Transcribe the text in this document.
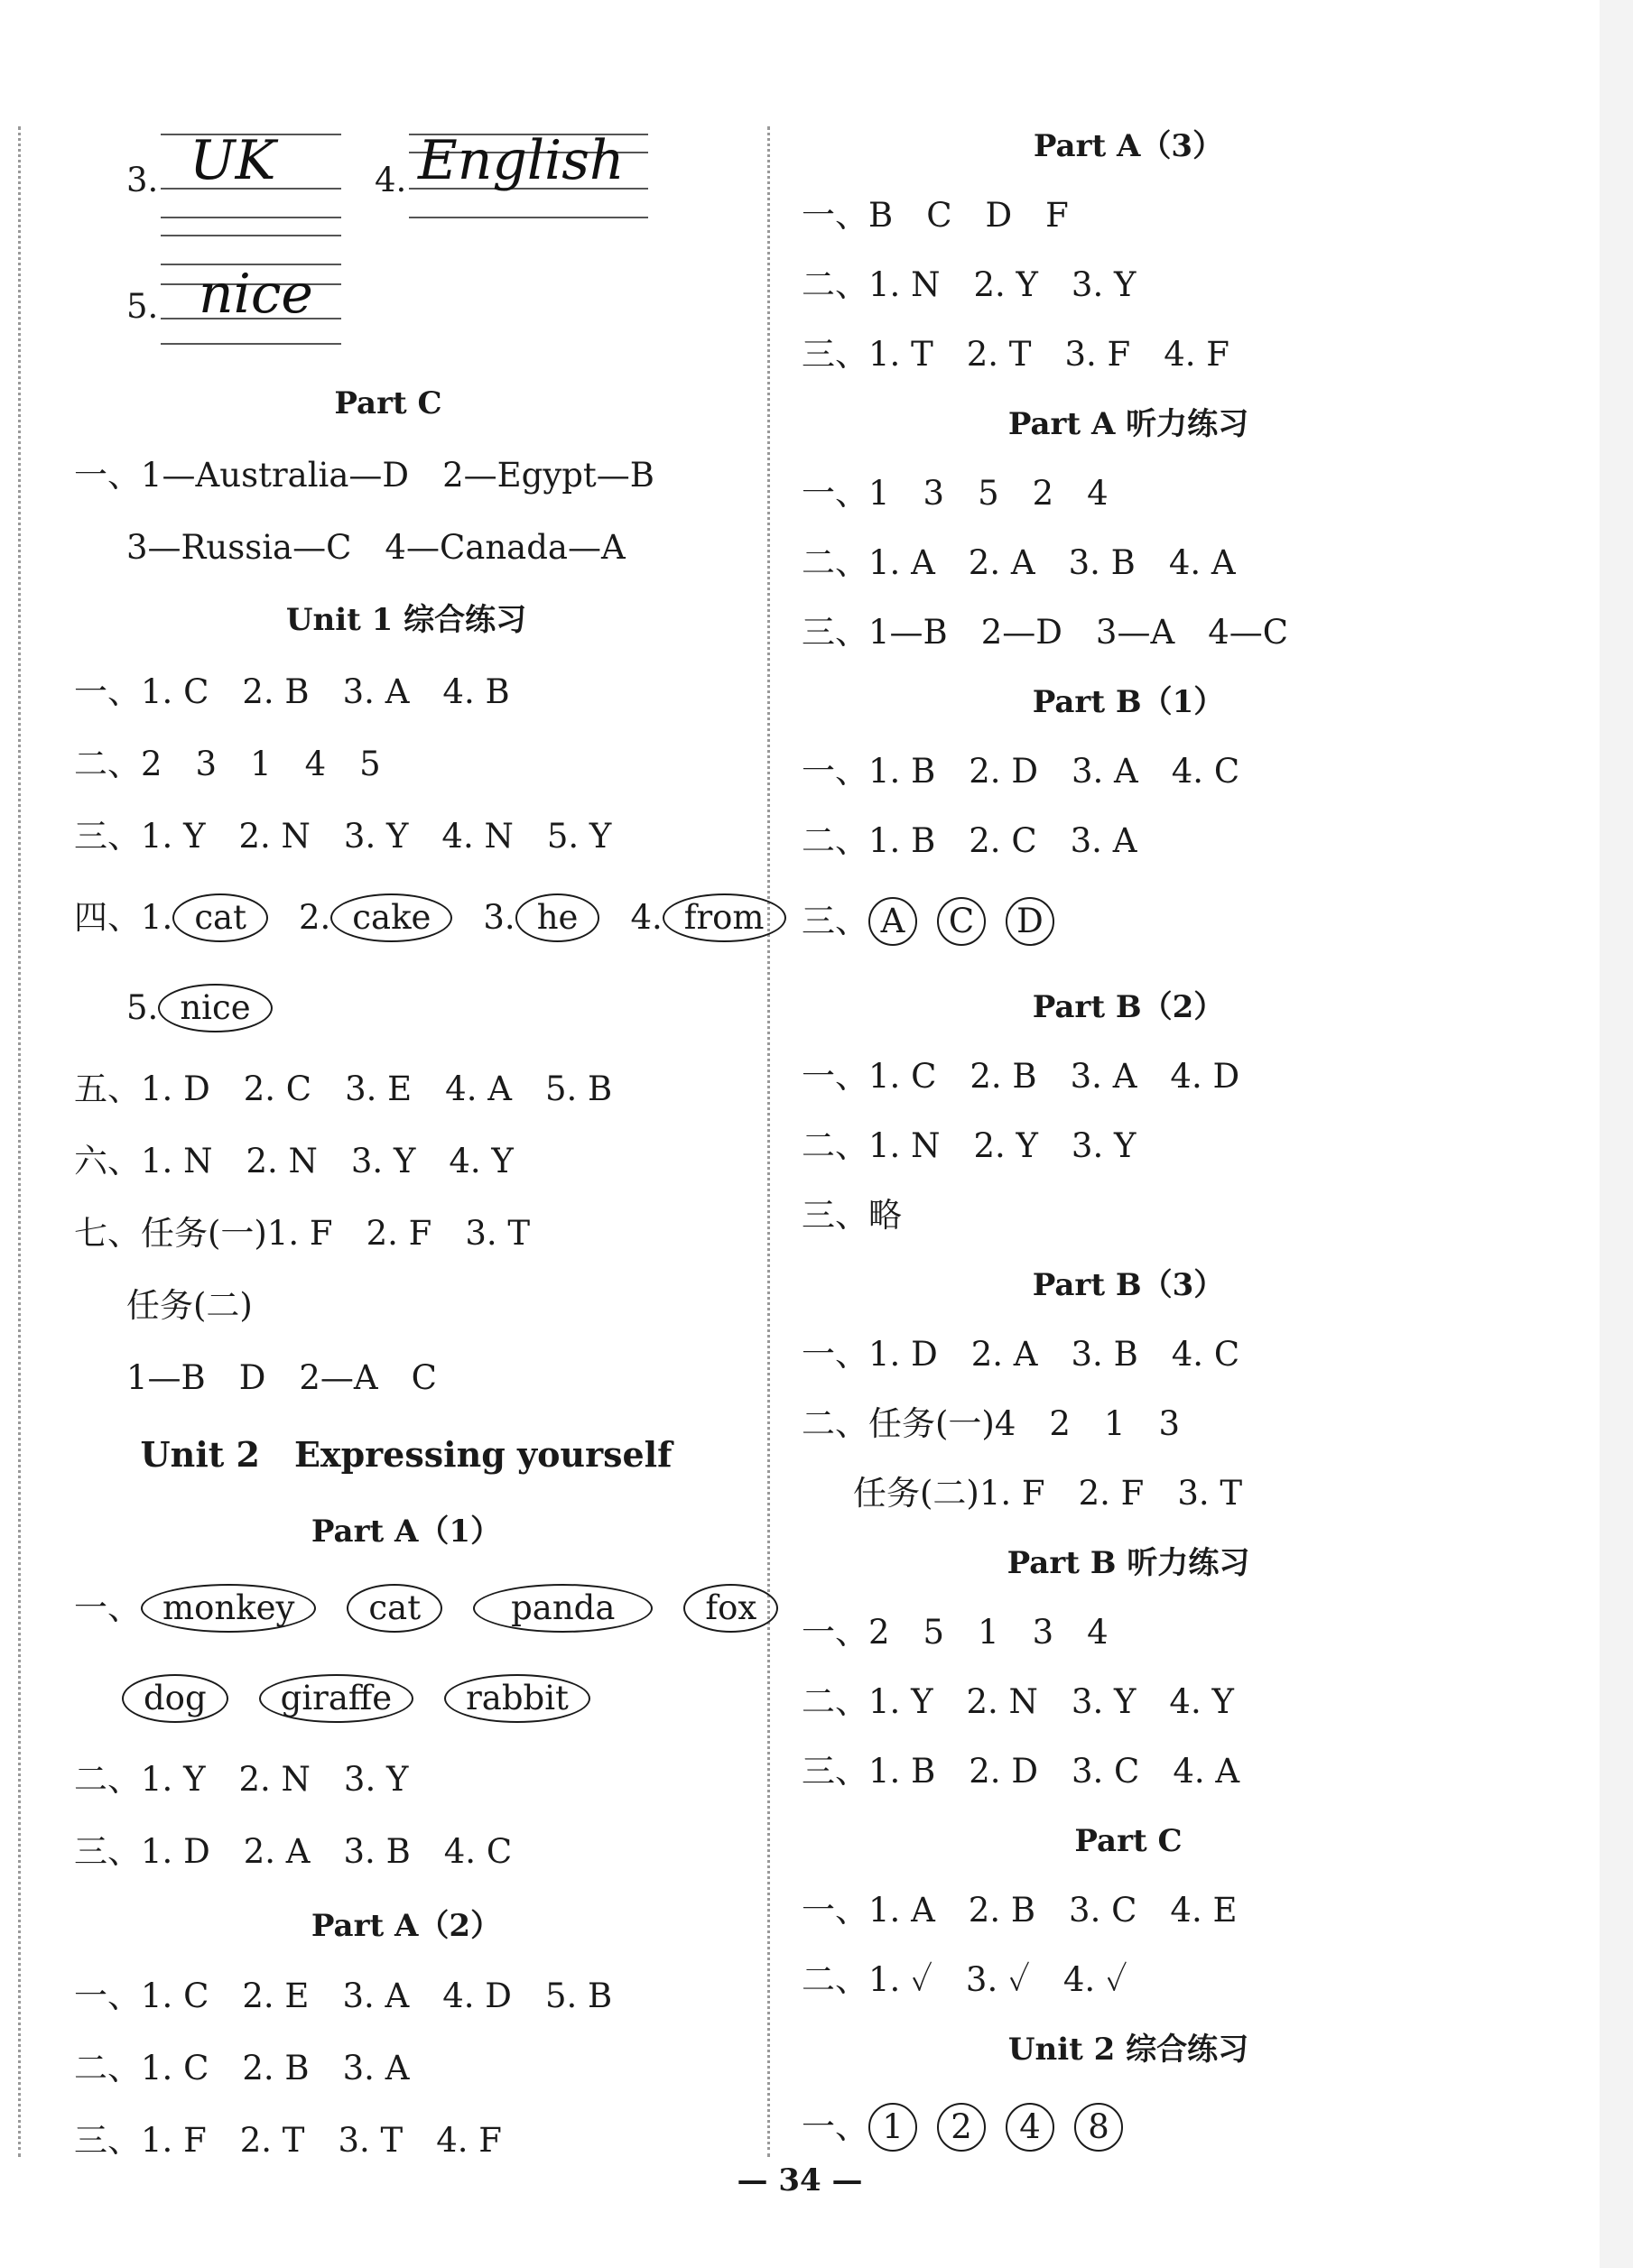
3. UK	4. English
5. nice
Part C
一、1—Australia—D　2—Egypt—B
3—Russia—C　4—Canada—A
Unit 1 综合练习
一、1. C　2. B　3. A　4. B
二、2　3　1　4　5
三、1. Y　2. N　3. Y　4. N　5. Y
四、1. cat 2. cake 3. he 4. from
5. nice
五、1. D　2. C　3. E　4. A　5. B
六、1. N　2. N　3. Y　4. Y
七、任务(一)1. F　2. F　3. T
任务(二)
1—B　D　2—A　C
Unit 2　Expressing yourself
Part A（1）
一、 monkey cat	panda	fox
dog giraffe rabbit
二、1. Y　2. N　3. Y
三、1. D　2. A　3. B　4. C
Part A（2）
一、1. C　2. E　3. A　4. D　5. B
二、1. C　2. B　3. A
三、1. F　2. T　3. T　4. F
Part A（3）
一、B　C　D　F
二、1. N　2. Y　3. Y
三、1. T　2. T　3. F　4. F
Part A 听力练习
一、1　3　5　2　4
二、1. A　2. A　3. B　4. A
三、1—B　2—D　3—A　4—C
Part B（1）
一、1. B　2. D　3. A　4. C
二、1. B　2. C　3. A
三、 A C D
Part B（2）
一、1. C　2. B　3. A　4. D
二、1. N　2. Y　3. Y
三、略
Part B（3）
一、1. D　2. A　3. B　4. C
二、任务(一)4　2　1　3
任务(二)1. F　2. F　3. T
Part B 听力练习
一、2　5　1　3　4
二、1. Y　2. N　3. Y　4. Y
三、1. B　2. D　3. C　4. A
Part C
一、1. A　2. B　3. C　4. E
二、1. ✓　3. ✓　4. ✓
Unit 2 综合练习
一、 1 2 4 8
— 34 —
